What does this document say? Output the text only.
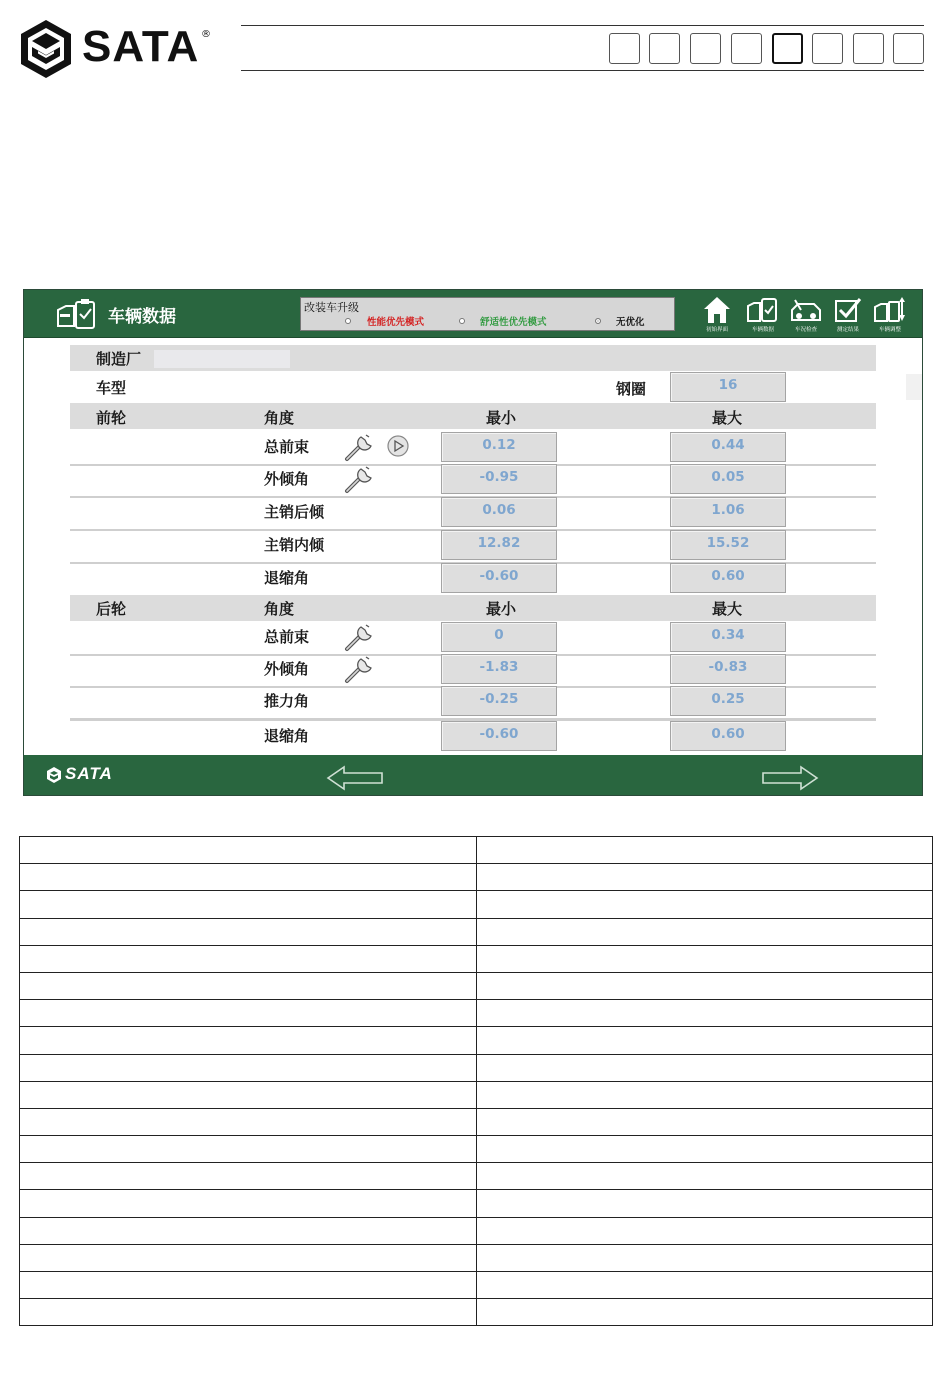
SATA ®
车辆数据	改装车升级
性能优先模式	舒适性优先模式	无优化
初始界面	车辆数据	车况检查	测定结果	车辆调整
制造厂
车型	钢圈	16
前轮	角度	最小	最大
总前束	0.12	0.44
外倾角	-0.95	0.05
主销后倾	0.06	1.06
主销内倾	12.82	15.52
退缩角	-0.60	0.60
后轮	角度	最小	最大
总前束	0	0.34
外倾角	-1.83	-0.83
推力角	-0.25	0.25
退缩角	-0.60	0.60
SATA
